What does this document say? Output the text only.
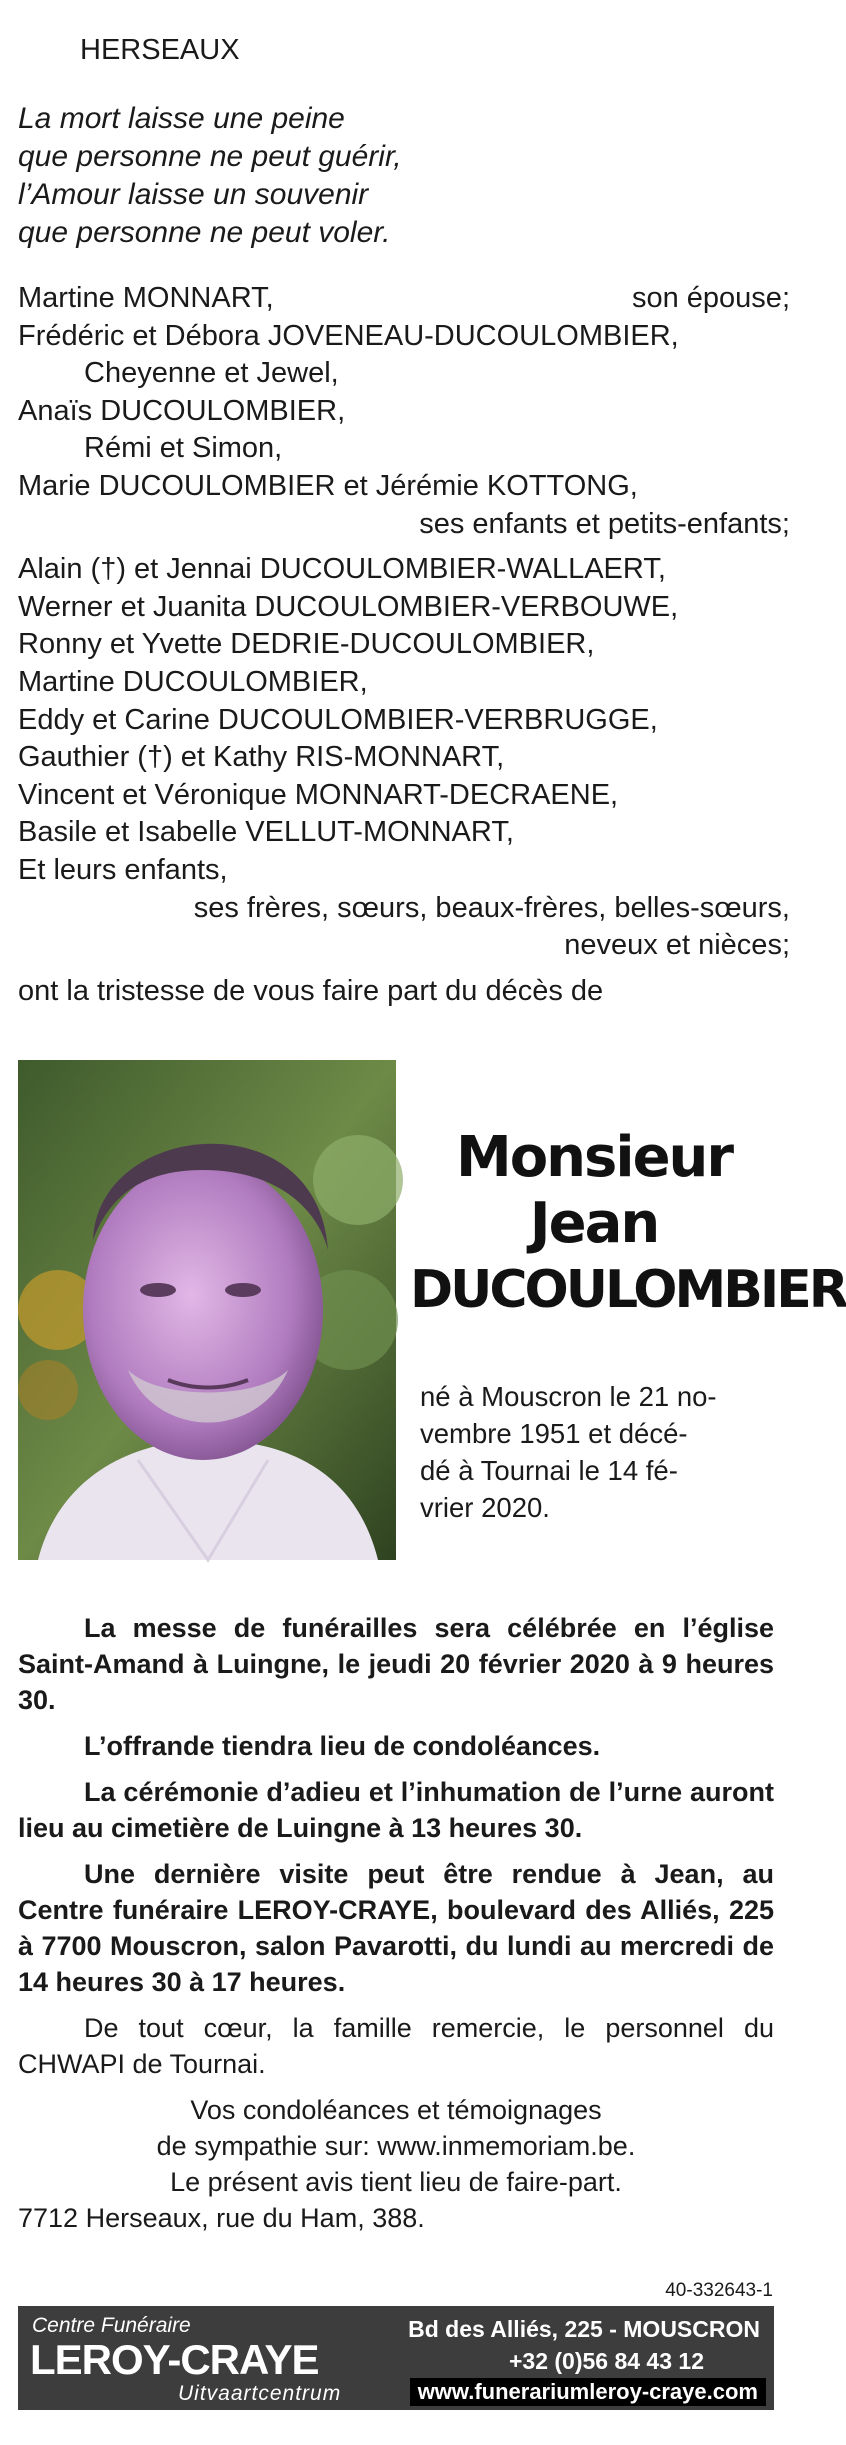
HERSEAUX
La mort laisse une peine
que personne ne peut guérir,
l’Amour laisse un souvenir
que personne ne peut voler.
Martine MONNART,	son épouse;
Frédéric et Débora JOVENEAU-DUCOULOMBIER,
Cheyenne et Jewel,
Anaïs DUCOULOMBIER,
Rémi et Simon,
Marie DUCOULOMBIER et Jérémie KOTTONG,
ses enfants et petits-enfants;
Alain (†) et Jennai DUCOULOMBIER-WALLAERT,
Werner et Juanita DUCOULOMBIER-VERBOUWE,
Ronny et Yvette DEDRIE-DUCOULOMBIER,
Martine DUCOULOMBIER,
Eddy et Carine DUCOULOMBIER-VERBRUGGE,
Gauthier (†) et Kathy RIS-MONNART,
Vincent et Véronique MONNART-DECRAENE,
Basile et Isabelle VELLUT-MONNART,
Et leurs enfants,
ses frères, sœurs, beaux-frères, belles-sœurs,
neveux et nièces;
ont la tristesse de vous faire part du décès de
Monsieur
Jean
DUCOULOMBIER
né à Mouscron le 21 no-
vembre 1951 et décé-
dé à Tournai le 14 fé-
vrier 2020.

La messe de funérailles sera célébrée en l’église Saint-Amand à Luingne, le jeudi 20 février 2020 à 9 heures 30.

L’offrande tiendra lieu de condoléances.

La cérémonie d’adieu et l’inhumation de l’urne auront lieu au cimetière de Luingne à 13 heures 30.

Une dernière visite peut être rendue à Jean, au Centre funéraire LEROY-CRAYE, boulevard des Alliés, 225 à 7700 Mouscron, salon Pavarotti, du lundi au mercredi de 14 heures 30 à 17 heures.

De tout cœur, la famille remercie, le personnel du CHWAPI de Tournai.

Vos condoléances et témoignages
de sympathie sur: www.inmemoriam.be.
Le présent avis tient lieu de faire-part.
7712 Herseaux, rue du Ham, 388.
40-332643-1
Centre Funéraire
LEROY-CRAYE
Uitvaartcentrum
Bd des Alliés, 225 - MOUSCRON
+32 (0)56 84 43 12
www.funerariumleroy-craye.com
